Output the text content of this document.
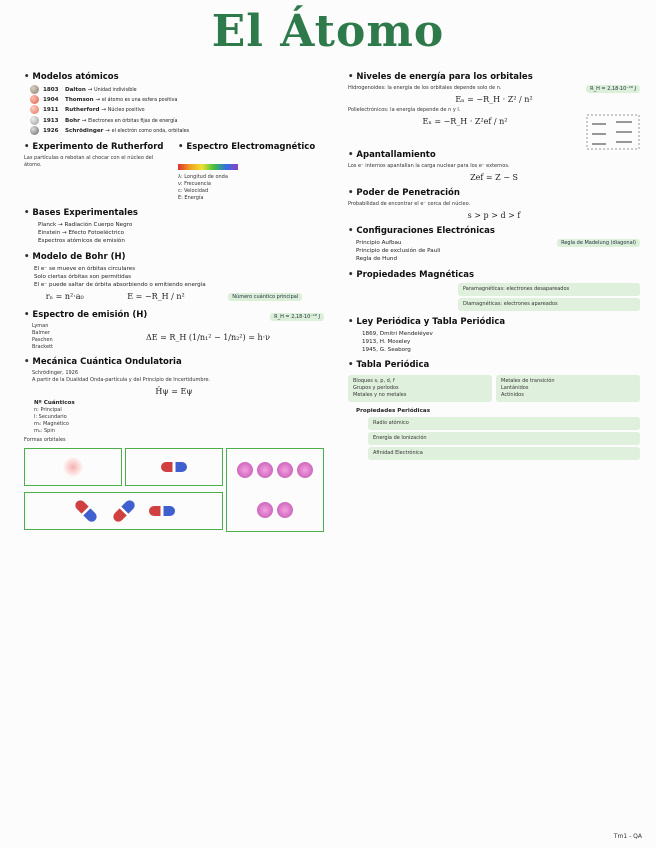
El Átomo
• Modelos atómicos
1803 Dalton → Unidad indivisible
1904 Thomson → el átomo es una esfera positiva
1911 Rutherford → Núcleo positivo
1913 Bohr → Electrones en órbitas fijas de energía
1926 Schrödinger → el electrón como onda, orbitales
• Experimento de Rutherford
Las partículas α rebotan al chocar con el núcleo del átomo.
• Espectro Electromagnético
λ: Longitud de onda
ν: Frecuencia
c: Velocidad
E: Energía
• Bases Experimentales
Planck → Radiación Cuerpo Negro
Einstein → Efecto Fotoeléctrico
Espectros atómicos de emisión
• Modelo de Bohr (H)
El e⁻ se mueve en órbitas circulares
Solo ciertas órbitas son permitidas
El e⁻ puede saltar de órbita absorbiendo o emitiendo energía
rₙ = n²·a₀	E = −R_H / n²	Número cuántico principal
• Espectro de emisión (H)	R_H = 2,18·10⁻¹⁸ J
Lyman
Balmer
Paschen
Brackett
ΔE = R_H (1/n₁² − 1/n₂²) = h·ν
• Mecánica Cuántica Ondulatoria
Schrödinger, 1926
A partir de la Dualidad Onda-partícula y del Principio de Incertidumbre.
Ĥψ = Eψ
Nº Cuánticos
n: Principal
l: Secundario
mₗ: Magnético
mₛ: Spin
Formas orbitales
• Niveles de energía para los orbitales
R_H = 2,18·10⁻¹⁸ J
Hidrogenoides: la energía de los orbitales depende solo de n.
Eₙ = −R_H · Z² / n²
Polielectrónicos: la energía depende de n y l.
Eₙ = −R_H · Z²ef / n²
• Apantallamiento
Los e⁻ internos apantallan la carga nuclear para los e⁻ externos.
Zef = Z − S
• Poder de Penetración
Probabilidad de encontrar el e⁻ cerca del núcleo.
s > p > d > f
• Configuraciones Electrónicas
Regla de Madelung (diagonal)
Principio Aufbau
Principio de exclusión de Pauli
Regla de Hund
• Propiedades Magnéticas
Paramagnéticas: electrones desapareados
Diamagnéticas: electrones apareados
• Ley Periódica y Tabla Periódica
1869, Dmitri Mendeléyev
1913, H. Moseley
1945, G. Seaborg
• Tabla Periódica
Bloques s, p, d, f
Grupos y períodos
Metales y no metales
Metales de transición
Lantánidos
Actínidos
Propiedades Periódicas
Radio atómico
Energía de Ionización
Afinidad Electrónica
Tm1 - QA
